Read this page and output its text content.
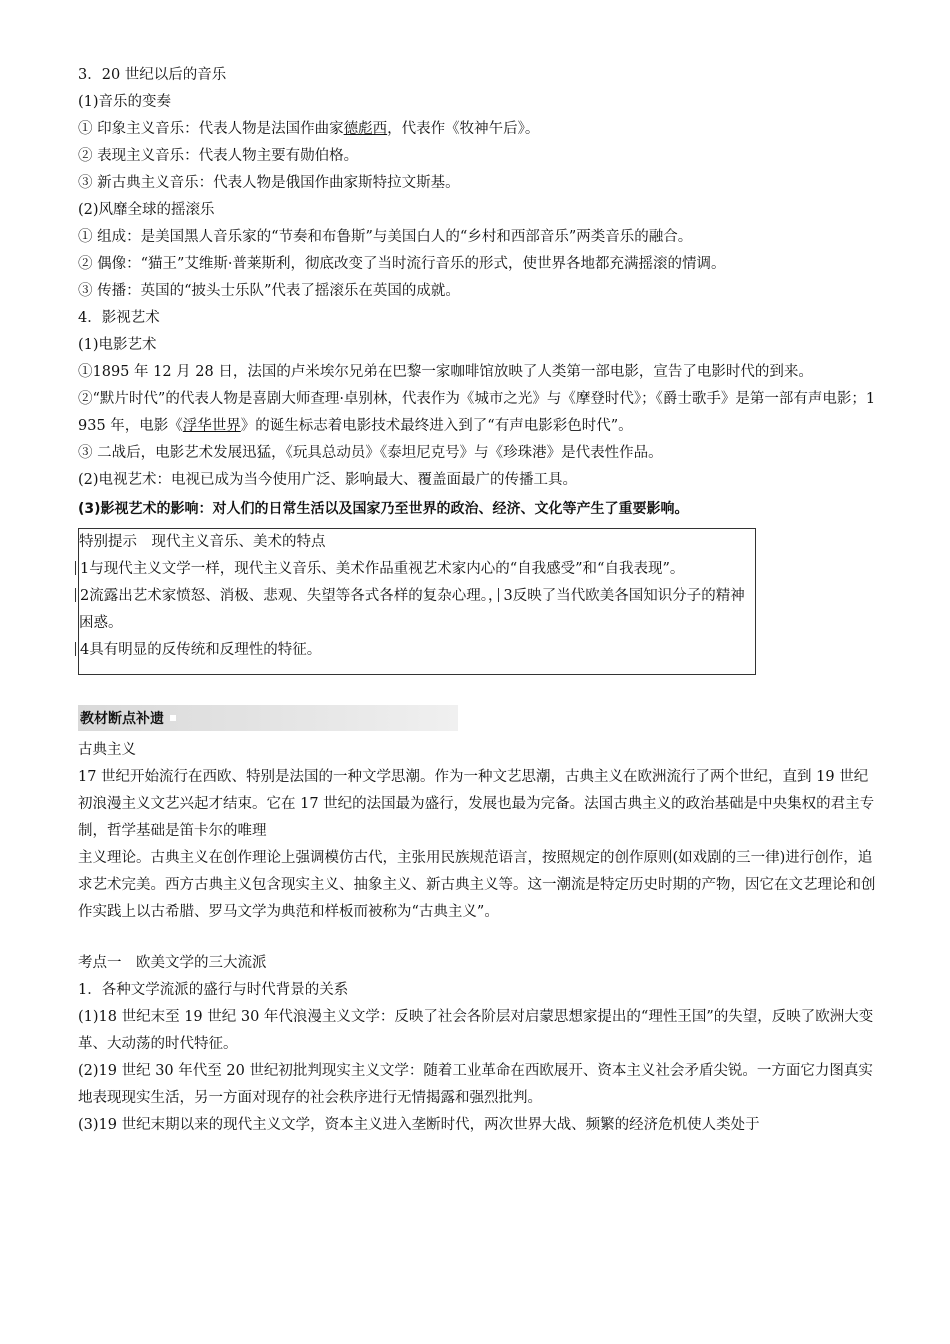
3．20 世纪以后的音乐
(1)音乐的变奏
① 印象主义音乐：代表人物是法国作曲家德彪西，代表作《牧神午后》。
② 表现主义音乐：代表人物主要有勋伯格。
③ 新古典主义音乐：代表人物是俄国作曲家斯特拉文斯基。
(2)风靡全球的摇滚乐
① 组成：是美国黑人音乐家的“节奏和布鲁斯”与美国白人的“乡村和西部音乐”两类音乐的融合。
② 偶像：“猫王”艾维斯·普莱斯利，彻底改变了当时流行音乐的形式，使世界各地都充满摇滚的情调。
③ 传播：英国的“披头士乐队”代表了摇滚乐在英国的成就。
4．影视艺术
(1)电影艺术
①1895 年 12 月 28 日，法国的卢米埃尔兄弟在巴黎一家咖啡馆放映了人类第一部电影，宣告了电影时代的到来。
②“默片时代”的代表人物是喜剧大师查理·卓别林，代表作为《城市之光》与《摩登时代》；《爵士歌手》是第一部有声电影；1935 年，电影《浮华世界》的诞生标志着电影技术最终进入到了“有声电影彩色时代”。
③ 二战后，电影艺术发展迅猛，《玩具总动员》《泰坦尼克号》与《珍珠港》是代表性作品。
(2)电视艺术：电视已成为当今使用广泛、影响最大、覆盖面最广的传播工具。
(3)影视艺术的影响：对人们的日常生活以及国家乃至世界的政治、经济、文化等产生了重要影响。
特别提示　现代主义音乐、美术的特点
1与现代主义文学一样，现代主义音乐、美术作品重视艺术家内心的“自我感受”和“自我表现”。
2流露出艺术家愤怒、消极、悲观、失望等各式各样的复杂心理。，3反映了当代欧美各国知识分子的精神困惑。
4具有明显的反传统和反理性的特征。
教材断点补遗
古典主义
17 世纪开始流行在西欧、特别是法国的一种文学思潮。作为一种文艺思潮，古典主义在欧洲流行了两个世纪，直到 19 世纪初浪漫主义文艺兴起才结束。它在 17 世纪的法国最为盛行，发展也最为完备。法国古典主义的政治基础是中央集权的君主专制，哲学基础是笛卡尔的唯理
主义理论。古典主义在创作理论上强调模仿古代，主张用民族规范语言，按照规定的创作原则(如戏剧的三一律)进行创作，追求艺术完美。西方古典主义包含现实主义、抽象主义、新古典主义等。这一潮流是特定历史时期的产物，因它在文艺理论和创作实践上以古希腊、罗马文学为典范和样板而被称为“古典主义”。
考点一　欧美文学的三大流派
1．各种文学流派的盛行与时代背景的关系
(1)18 世纪末至 19 世纪 30 年代浪漫主义文学：反映了社会各阶层对启蒙思想家提出的“理性王国”的失望，反映了欧洲大变革、大动荡的时代特征。
(2)19 世纪 30 年代至 20 世纪初批判现实主义文学：随着工业革命在西欧展开、资本主义社会矛盾尖锐。一方面它力图真实地表现现实生活，另一方面对现存的社会秩序进行无情揭露和强烈批判。
(3)19 世纪末期以来的现代主义文学，资本主义进入垄断时代，两次世界大战、频繁的经济危机使人类处于
